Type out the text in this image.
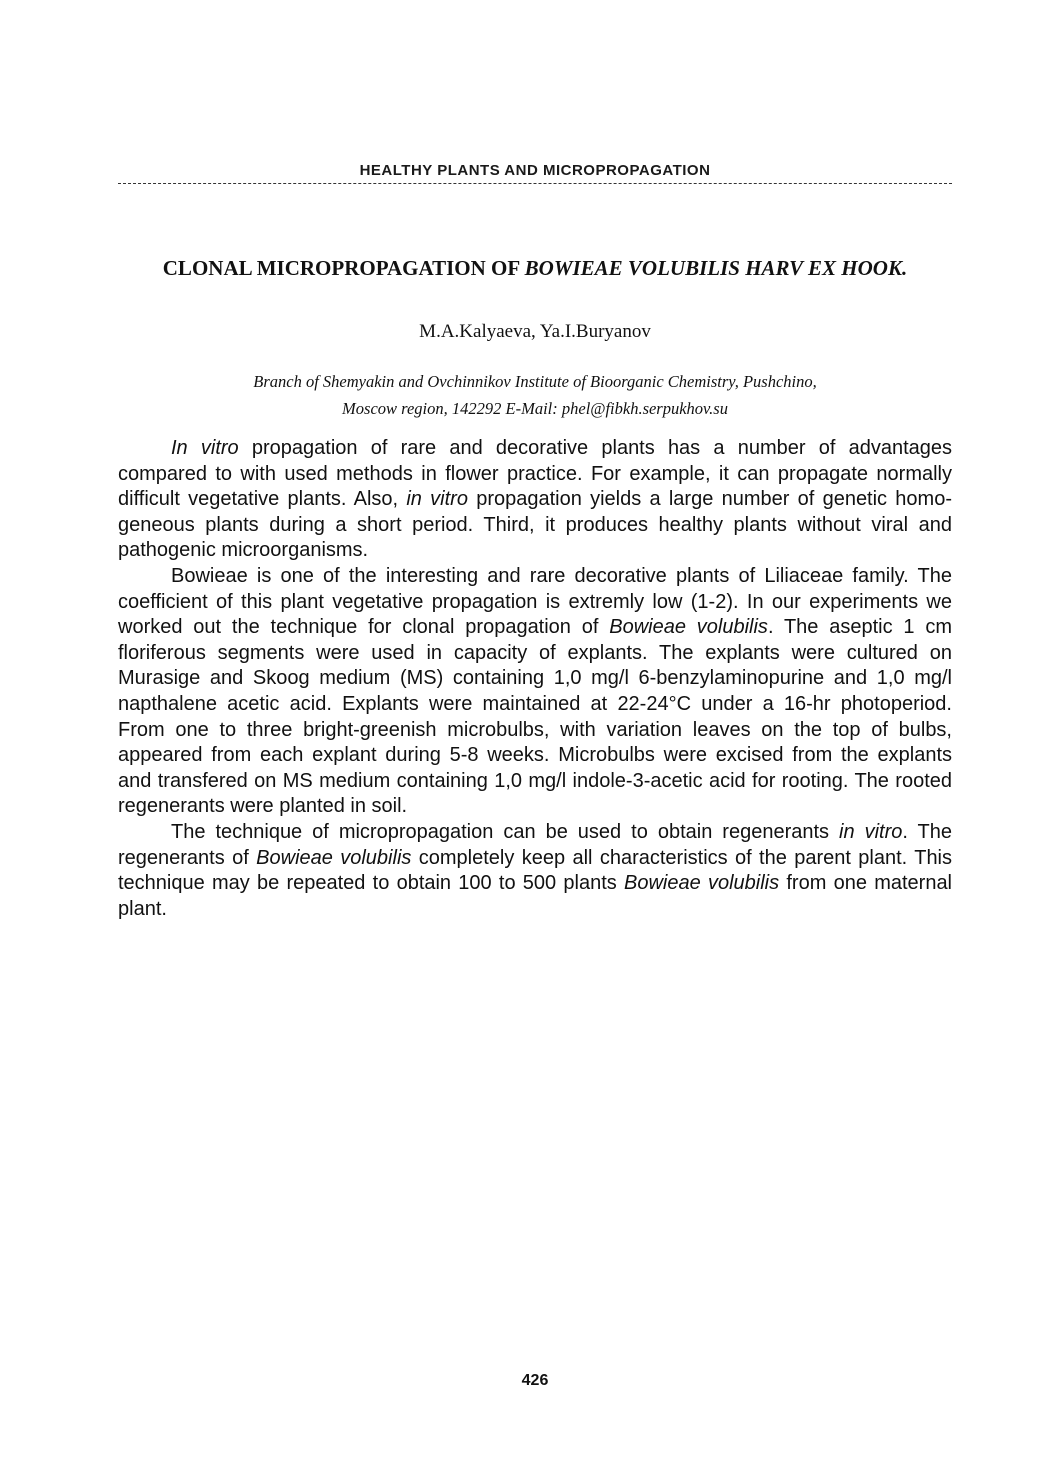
HEALTHY PLANTS AND MICROPROPAGATION
CLONAL MICROPROPAGATION OF BOWIEAE VOLUBILIS HARV EX HOOK.
M.A.Kalyaeva, Ya.I.Buryanov
Branch of Shemyakin and Ovchinnikov Institute of Bioorganic Chemistry, Pushchino,
Moscow region, 142292 E-Mail: phel@fibkh.serpukhov.su

In vitro propagation of rare and decorative plants has a number of advantages compared to with used methods in flower practice. For example, it can propagate normally difficult vegetative plants. Also, in vitro propagation yields a large number of genetic homo-geneous plants during a short period. Third, it produces healthy plants without viral and pathogenic microorganisms.

Bowieae is one of the interesting and rare decorative plants of Liliaceae family. The coefficient of this plant vegetative propagation is extremly low (1-2). In our experiments we worked out the technique for clonal propagation of Bowieae volubilis. The aseptic 1 cm floriferous segments were used in capacity of explants. The explants were cultured on Murasige and Skoog medium (MS) containing 1,0 mg/l 6-benzylaminopurine and 1,0 mg/l napthalene acetic acid. Explants were maintained at 22-24°C under a 16-hr photoperiod. From one to three bright-greenish microbulbs, with variation leaves on the top of bulbs, appeared from each explant during 5-8 weeks. Microbulbs were excised from the explants and transfered on MS medium containing 1,0 mg/l indole-3-acetic acid for rooting. The rooted regenerants were planted in soil.

The technique of micropropagation can be used to obtain regenerants in vitro. The regenerants of Bowieae volubilis completely keep all characteristics of the parent plant. This technique may be repeated to obtain 100 to 500 plants Bowieae volubilis from one maternal plant.

426
